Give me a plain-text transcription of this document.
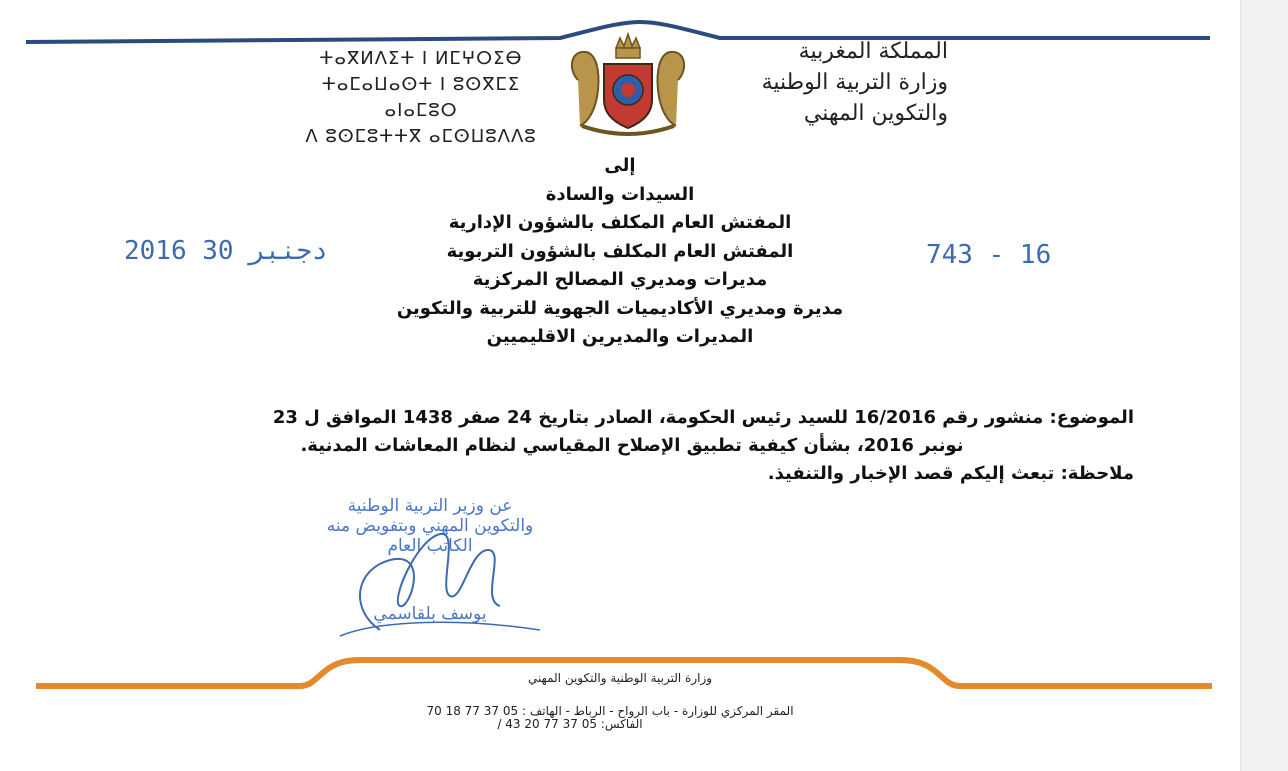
المملكة المغربية
وزارة التربية الوطنية
والتكوين المهني
ⵜⴰⴳⵍⴷⵉⵜ ⵏ ⵍⵎⵖⵔⵉⴱ
ⵜⴰⵎⴰⵡⴰⵙⵜ ⵏ ⵓⵙⴳⵎⵉ ⴰⵏⴰⵎⵓⵔ
ⴷ ⵓⵙⵎⵓⵜⵜⴳ ⴰⵎⵙⵡⵓⴷⴷⵓ
إلى
السيدات والسادة
المفتش العام المكلف بالشؤون الإدارية
المفتش العام المكلف بالشؤون التربوية
مديرات ومديري المصالح المركزية
مديرة ومديري الأكاديميات الجهوية للتربية والتكوين
المديرات والمديرين الاقليميين
2016 دجنبر 30	743 - 16
الموضوع: منشور رقم 16/2016 للسيد رئيس الحكومة، الصادر بتاريخ 24 صفر 1438 الموافق ل 23
نونبر 2016، بشأن كيفية تطبيق الإصلاح المقياسي لنظام المعاشات المدنية.
ملاحظة: تبعث إليكم قصد الإخبار والتنفيذ.
عن وزير التربية الوطنية
والتكوين المهني وبتفويض منه
الكاتب العام
يوسف بلقاسمي
وزارة التربية الوطنية والتكوين المهني
المقر المركزي للوزارة - باب الرواح - الرباط - الهاتف : 05 37 77 18 70
الفاكس: 05 37 77 20 43 /
